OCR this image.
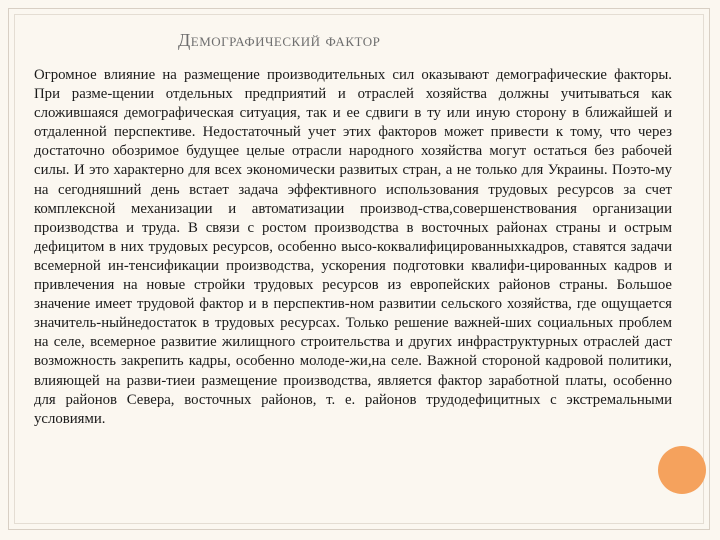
Демографический фактор

Огромное влияние на размещение производительных сил оказывают демографические факторы. При разме-щении отдельных предприятий и отраслей хозяйства должны учитываться как сложившаяся демографическая ситуация, так и ее сдвиги в ту или иную сторону в ближайшей и отдаленной перспективе. Недостаточный учет этих факторов может привести к тому, что через достаточно обозримое будущее целые отрасли народного хозяйства могут остаться без рабочей силы. И это характерно для всех экономически развитых стран, а не только для Украины. Поэто-му на сегодняшний день встает задача эффективного использования трудовых ресурсов за счет комплексной механизации и автоматизации производ-ства,совершенствования организации производства и труда. В связи с ростом производства в восточных районах страны и острым дефицитом в них трудовых ресурсов, особенно высо-коквалифицированныхкадров, ставятся задачи всемерной ин-тенсификации производства, ускорения подготовки квалифи-цированных кадров и привлечения на новые стройки трудовых ресурсов из европейских районов страны. Большое значение имеет трудовой фактор и в перспектив-ном развитии сельского хозяйства, где ощущается значитель-ныйнедостаток в трудовых ресурсах. Только решение важней-ших социальных проблем на селе, всемерное развитие жилищного строительства и других инфраструктурных отраслей даст возможность закрепить кадры, особенно молоде-жи,на селе. Важной стороной кадровой политики, влияющей на разви-тиеи размещение производства, является фактор заработной платы, особенно для районов Севера, восточных районов, т. е. районов трудодефицитных с экстремальными условиями.
